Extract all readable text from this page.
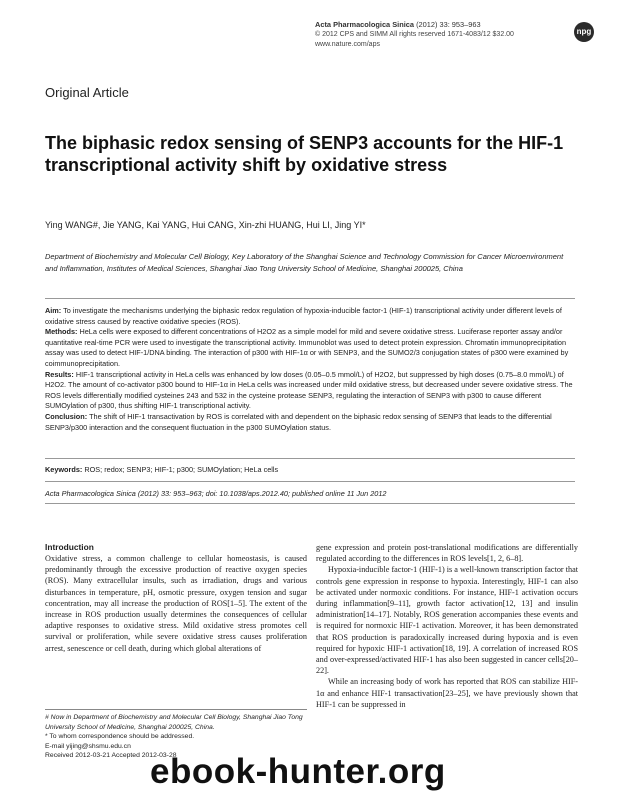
Acta Pharmacologica Sinica (2012) 33: 953–963
© 2012 CPS and SIMM All rights reserved 1671-4083/12 $32.00
www.nature.com/aps
npg
Original Article
The biphasic redox sensing of SENP3 accounts for the HIF-1 transcriptional activity shift by oxidative stress
Ying WANG#, Jie YANG, Kai YANG, Hui CANG, Xin-zhi HUANG, Hui LI, Jing YI*
Department of Biochemistry and Molecular Cell Biology, Key Laboratory of the Shanghai Science and Technology Commission for Cancer Microenvironment and Inflammation, Institutes of Medical Sciences, Shanghai Jiao Tong University School of Medicine, Shanghai 200025, China
Aim: To investigate the mechanisms underlying the biphasic redox regulation of hypoxia-inducible factor-1 (HIF-1) transcriptional activity under different levels of oxidative stress caused by reactive oxidative species (ROS).
Methods: HeLa cells were exposed to different concentrations of H2O2 as a simple model for mild and severe oxidative stress. Luciferase reporter assay and/or quantitative real-time PCR were used to investigate the transcriptional activity. Immunoblot was used to detect protein expression. Chromatin immunoprecipitation assay was used to detect HIF-1/DNA binding. The interaction of p300 with HIF-1α or with SENP3, and the SUMO2/3 conjugation states of p300 were examined by coimmunoprecipitation.
Results: HIF-1 transcriptional activity in HeLa cells was enhanced by low doses (0.05–0.5 mmol/L) of H2O2, but suppressed by high doses (0.75–8.0 mmol/L) of H2O2. The amount of co-activator p300 bound to HIF-1α in HeLa cells was increased under mild oxidative stress, but decreased under severe oxidative stress. The ROS levels differentially modified cysteines 243 and 532 in the cysteine protease SENP3, regulating the interaction of SENP3 with p300 to cause different SUMOylation of p300, thus shifting HIF-1 transcriptional activity.
Conclusion: The shift of HIF-1 transactivation by ROS is correlated with and dependent on the biphasic redox sensing of SENP3 that leads to the differential SENP3/p300 interaction and the consequent fluctuation in the p300 SUMOylation status.
Keywords: ROS; redox; SENP3; HIF-1; p300; SUMOylation; HeLa cells
Acta Pharmacologica Sinica (2012) 33: 953–963; doi: 10.1038/aps.2012.40; published online 11 Jun 2012
Introduction

Oxidative stress, a common challenge to cellular homeostasis, is caused predominantly through the excessive production of reactive oxygen species (ROS). Many extracellular insults, such as irradiation, drugs and various disturbances in temperature, pH, osmotic pressure, oxygen tension and sugar concentration, may all increase the production of ROS[1–5]. The extent of the increase in ROS production usually determines the consequences of cellular adaptive responses to oxidative stress. Mild oxidative stress promotes cell survival or proliferation, while severe oxidative stress causes proliferation arrest, senescence or cell death, during which global alterations of

gene expression and protein post-translational modifications are differentially regulated according to the differences in ROS levels[1, 2, 6–8].

Hypoxia-inducible factor-1 (HIF-1) is a well-known transcription factor that controls gene expression in response to hypoxia. Interestingly, HIF-1 can also be activated under normoxic conditions. For instance, HIF-1 activation occurs during inflammation[9–11], growth factor activation[12, 13] and insulin administration[14–17]. Notably, ROS generation accompanies these events and is required for normoxic HIF-1 activation. Moreover, it has been demonstrated that ROS production is paradoxically increased during hypoxia and is even required for hypoxic HIF-1 activation[18, 19]. A correlation of increased ROS and over-expressed/activated HIF-1 has also been suggested in cancer cells[20–22].

While an increasing body of work has reported that ROS can stabilize HIF-1α and enhance HIF-1 transactivation[23–25], we have previously shown that HIF-1 can be suppressed in

# Now in Department of Biochemistry and Molecular Cell Biology, Shanghai Jiao Tong University School of Medicine, Shanghai 200025, China.
* To whom correspondence should be addressed.
E-mail yijing@shsmu.edu.cn
Received 2012-03-21 Accepted 2012-03-28
ebook-hunter.org
